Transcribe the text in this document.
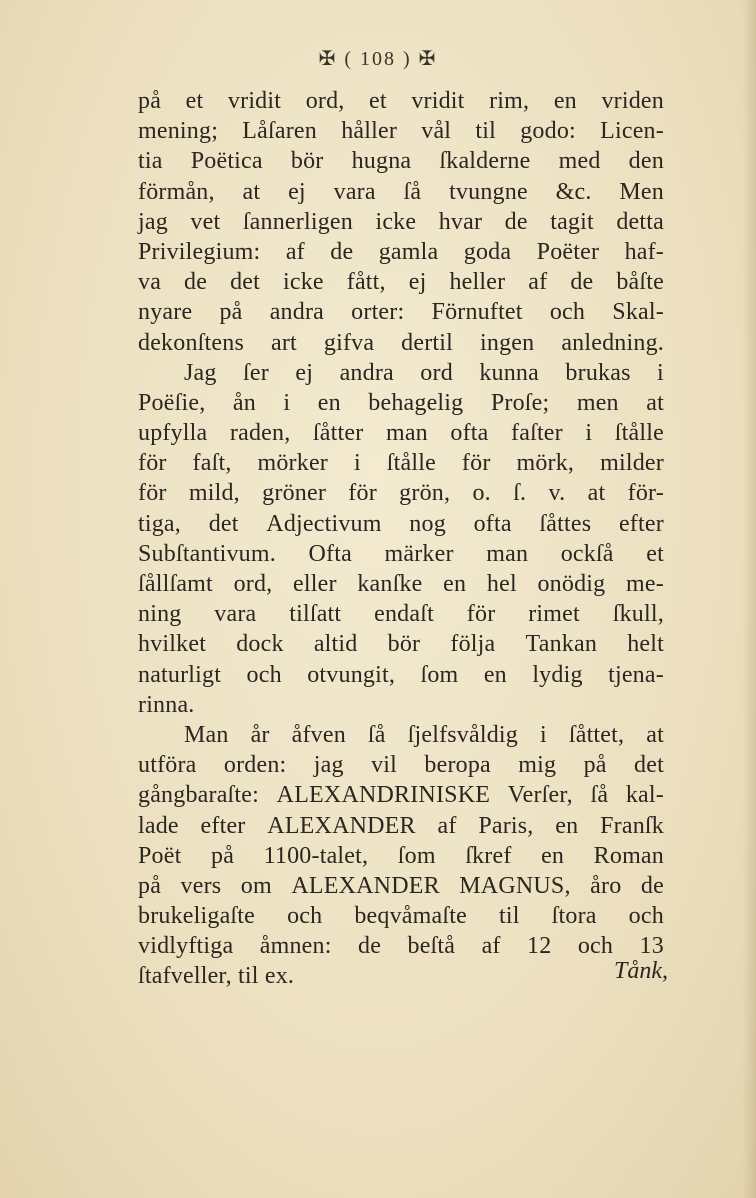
✠ ( 108 ) ✠
på et vridit ord, et vridit rim, en vriden
mening; Låſaren håller vål til godo: Licen-
tia Poëtica bör hugna ſkalderne med den
förmån, at ej vara ſå tvungne &c. Men
jag vet ſannerligen icke hvar de tagit detta
Privilegium: af de gamla goda Poëter haf-
va de det icke fått, ej heller af de båſte
nyare på andra orter: Förnuftet och Skal-
dekonſtens art gifva dertil ingen anledning.
Jag ſer ej andra ord kunna brukas i
Poëſie, ån i en behagelig Proſe; men at
upfylla raden, ſåtter man ofta faſter i ſtålle
för faſt, mörker i ſtålle för mörk, milder
för mild, gröner för grön, o. ſ. v. at för-
tiga, det Adjectivum nog ofta ſåttes efter
Subſtantivum. Ofta märker man ockſå et
ſållſamt ord, eller kanſke en hel onödig me-
ning vara tilſatt endaſt för rimet ſkull,
hvilket dock altid bör följa Tankan helt
naturligt och otvungit, ſom en lydig tjena-
rinna.
Man år åfven ſå ſjelfsvåldig i ſåttet, at
utföra orden: jag vil beropa mig på det
gångbaraſte: ALEXANDRINISKE Verſer, ſå kal-
lade efter ALEXANDER af Paris, en Franſk
Poët på 1100-talet, ſom ſkref en Roman
på vers om ALEXANDER MAGNUS, åro de
brukeligaſte och beqvåmaſte til ſtora och
vidlyftiga åmnen: de beſtå af 12 och 13
ſtafveller, til ex.	Tånk,
